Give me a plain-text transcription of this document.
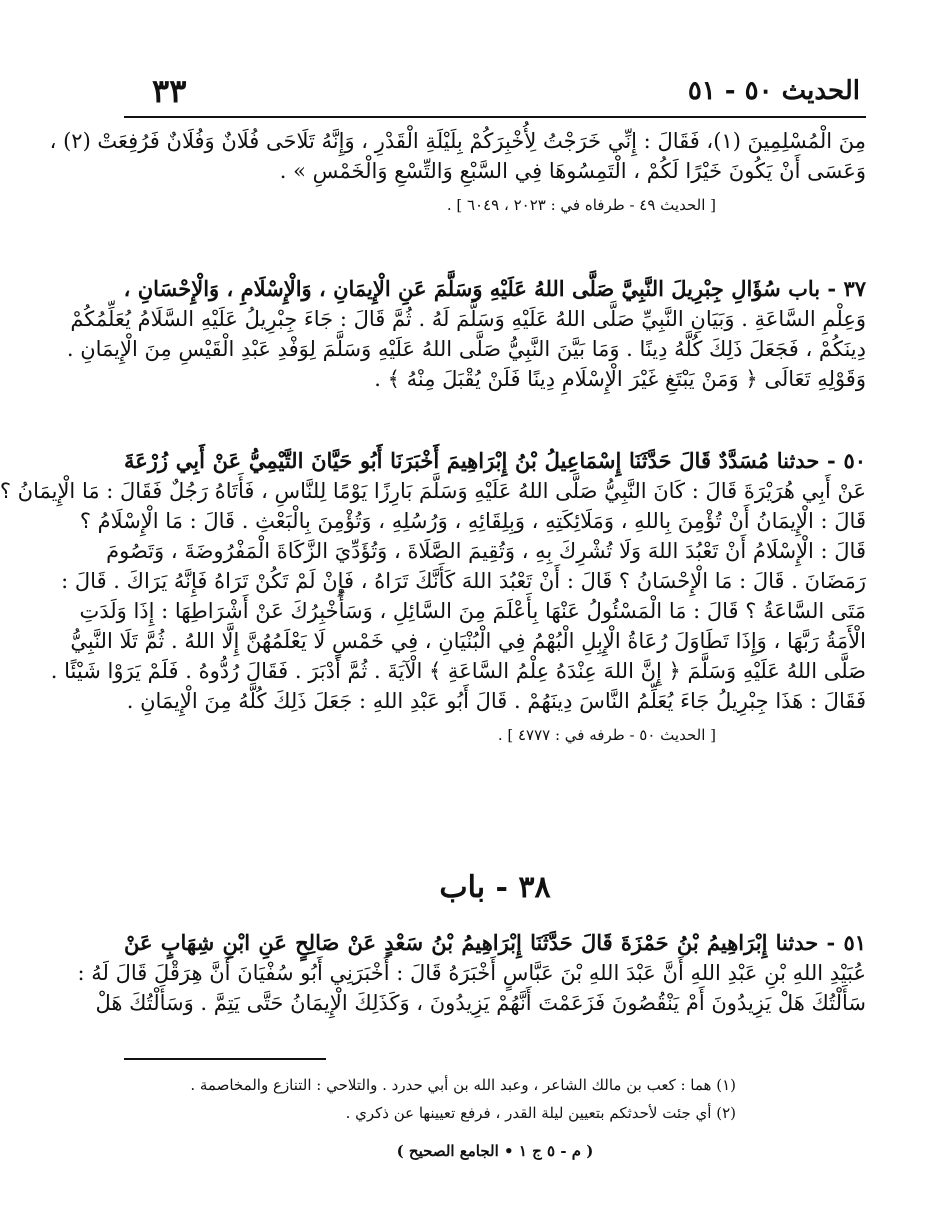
الحديث ٥٠ - ٥١
٣٣
مِنَ الْمُسْلِمِينَ (١)، فَقَالَ : إِنِّي خَرَجْتُ لِأُخْبِرَكُمْ بِلَيْلَةِ الْقَدْرِ ، وَإِنَّهُ تَلَاحَى فُلَانٌ وَفُلَانٌ فَرُفِعَتْ (٢) ،
وَعَسَى أَنْ يَكُونَ خَيْرًا لَكُمْ ، الْتَمِسُوهَا فِي السَّبْعِ وَالتِّسْعِ وَالْخَمْسِ » .
[ الحديث ٤٩ - طرفاه في : ٢٠٢٣ ، ٦٠٤٩ ] .
٣٧ - باب سُؤَالِ جِبْرِيلَ النَّبِيَّ صَلَّى اللهُ عَلَيْهِ وَسَلَّمَ عَنِ الْإِيمَانِ ، وَالْإِسْلَامِ ، وَالْإِحْسَانِ ،
وَعِلْمِ السَّاعَةِ . وَبَيَانِ النَّبِيِّ صَلَّى اللهُ عَلَيْهِ وَسَلَّمَ لَهُ . ثُمَّ قَالَ : جَاءَ جِبْرِيلُ عَلَيْهِ السَّلَامُ يُعَلِّمُكُمْ
دِينَكُمْ ، فَجَعَلَ ذَلِكَ كُلَّهُ دِينًا . وَمَا بَيَّنَ النَّبِيُّ صَلَّى اللهُ عَلَيْهِ وَسَلَّمَ لِوَفْدِ عَبْدِ الْقَيْسِ مِنَ الْإِيمَانِ .
وَقَوْلِهِ تَعَالَى ﴿ وَمَنْ يَبْتَغِ غَيْرَ الْإِسْلَامِ دِينًا فَلَنْ يُقْبَلَ مِنْهُ ﴾ .
٥٠ - حدثنا مُسَدَّدٌ قَالَ حَدَّثَنَا إِسْمَاعِيلُ بْنُ إِبْرَاهِيمَ أَخْبَرَنَا أَبُو حَيَّانَ التَّيْمِيُّ عَنْ أَبِي زُرْعَةَ
عَنْ أَبِي هُرَيْرَةَ قَالَ : كَانَ النَّبِيُّ صَلَّى اللهُ عَلَيْهِ وَسَلَّمَ بَارِزًا يَوْمًا لِلنَّاسِ ، فَأَتَاهُ رَجُلٌ فَقَالَ : مَا الْإِيمَانُ ؟
قَالَ : الْإِيمَانُ أَنْ تُؤْمِنَ بِاللهِ ، وَمَلَائِكَتِهِ ، وَبِلِقَائِهِ ، وَرُسُلِهِ ، وَتُؤْمِنَ بِالْبَعْثِ . قَالَ : مَا الْإِسْلَامُ ؟
قَالَ : الْإِسْلَامُ أَنْ تَعْبُدَ اللهَ وَلَا تُشْرِكَ بِهِ ، وَتُقِيمَ الصَّلَاةَ ، وَتُؤَدِّيَ الزَّكَاةَ الْمَفْرُوضَةَ ، وَتَصُومَ
رَمَضَانَ . قَالَ : مَا الْإِحْسَانُ ؟ قَالَ : أَنْ تَعْبُدَ اللهَ كَأَنَّكَ تَرَاهُ ، فَإِنْ لَمْ تَكُنْ تَرَاهُ فَإِنَّهُ يَرَاكَ . قَالَ :
مَتَى السَّاعَةُ ؟ قَالَ : مَا الْمَسْئُولُ عَنْهَا بِأَعْلَمَ مِنَ السَّائِلِ ، وَسَأُخْبِرُكَ عَنْ أَشْرَاطِهَا : إِذَا وَلَدَتِ
الْأَمَةُ رَبَّهَا ، وَإِذَا تَطَاوَلَ رُعَاةُ الْإِبِلِ الْبُهْمُ فِي الْبُنْيَانِ ، فِي خَمْسٍ لَا يَعْلَمُهُنَّ إِلَّا اللهُ . ثُمَّ تَلَا النَّبِيُّ
صَلَّى اللهُ عَلَيْهِ وَسَلَّمَ ﴿ إِنَّ اللهَ عِنْدَهُ عِلْمُ السَّاعَةِ ﴾ الْآيَةَ . ثُمَّ أَدْبَرَ . فَقَالَ رُدُّوهُ . فَلَمْ يَرَوْا شَيْئًا .
فَقَالَ : هَذَا جِبْرِيلُ جَاءَ يُعَلِّمُ النَّاسَ دِينَهُمْ . قَالَ أَبُو عَبْدِ اللهِ : جَعَلَ ذَلِكَ كُلَّهُ مِنَ الْإِيمَانِ .
[ الحديث ٥٠ - طرفه في : ٤٧٧٧ ] .
٣٨ - باب
٥١ - حدثنا إِبْرَاهِيمُ بْنُ حَمْزَةَ قَالَ حَدَّثَنَا إِبْرَاهِيمُ بْنُ سَعْدٍ عَنْ صَالِحٍ عَنِ ابْنِ شِهَابٍ عَنْ
عُبَيْدِ اللهِ بْنِ عَبْدِ اللهِ أَنَّ عَبْدَ اللهِ بْنَ عَبَّاسٍ أَخْبَرَهُ قَالَ : أَخْبَرَنِي أَبُو سُفْيَانَ أَنَّ هِرَقْلَ قَالَ لَهُ :
سَأَلْتُكَ هَلْ يَزِيدُونَ أَمْ يَنْقُصُونَ فَزَعَمْتَ أَنَّهُمْ يَزِيدُونَ ، وَكَذَلِكَ الْإِيمَانُ حَتَّى يَتِمَّ . وَسَأَلْتُكَ هَلْ
(١) هما : كعب بن مالك الشاعر ، وعبد الله بن أبي حدرد . والتلاحي : التنازع والمخاصمة .
(٢) أي جئت لأحدثكم بتعيين ليلة القدر ، فرفع تعيينها عن ذكري .
( م - ٥ ج ١ • الجامع الصحيح )
